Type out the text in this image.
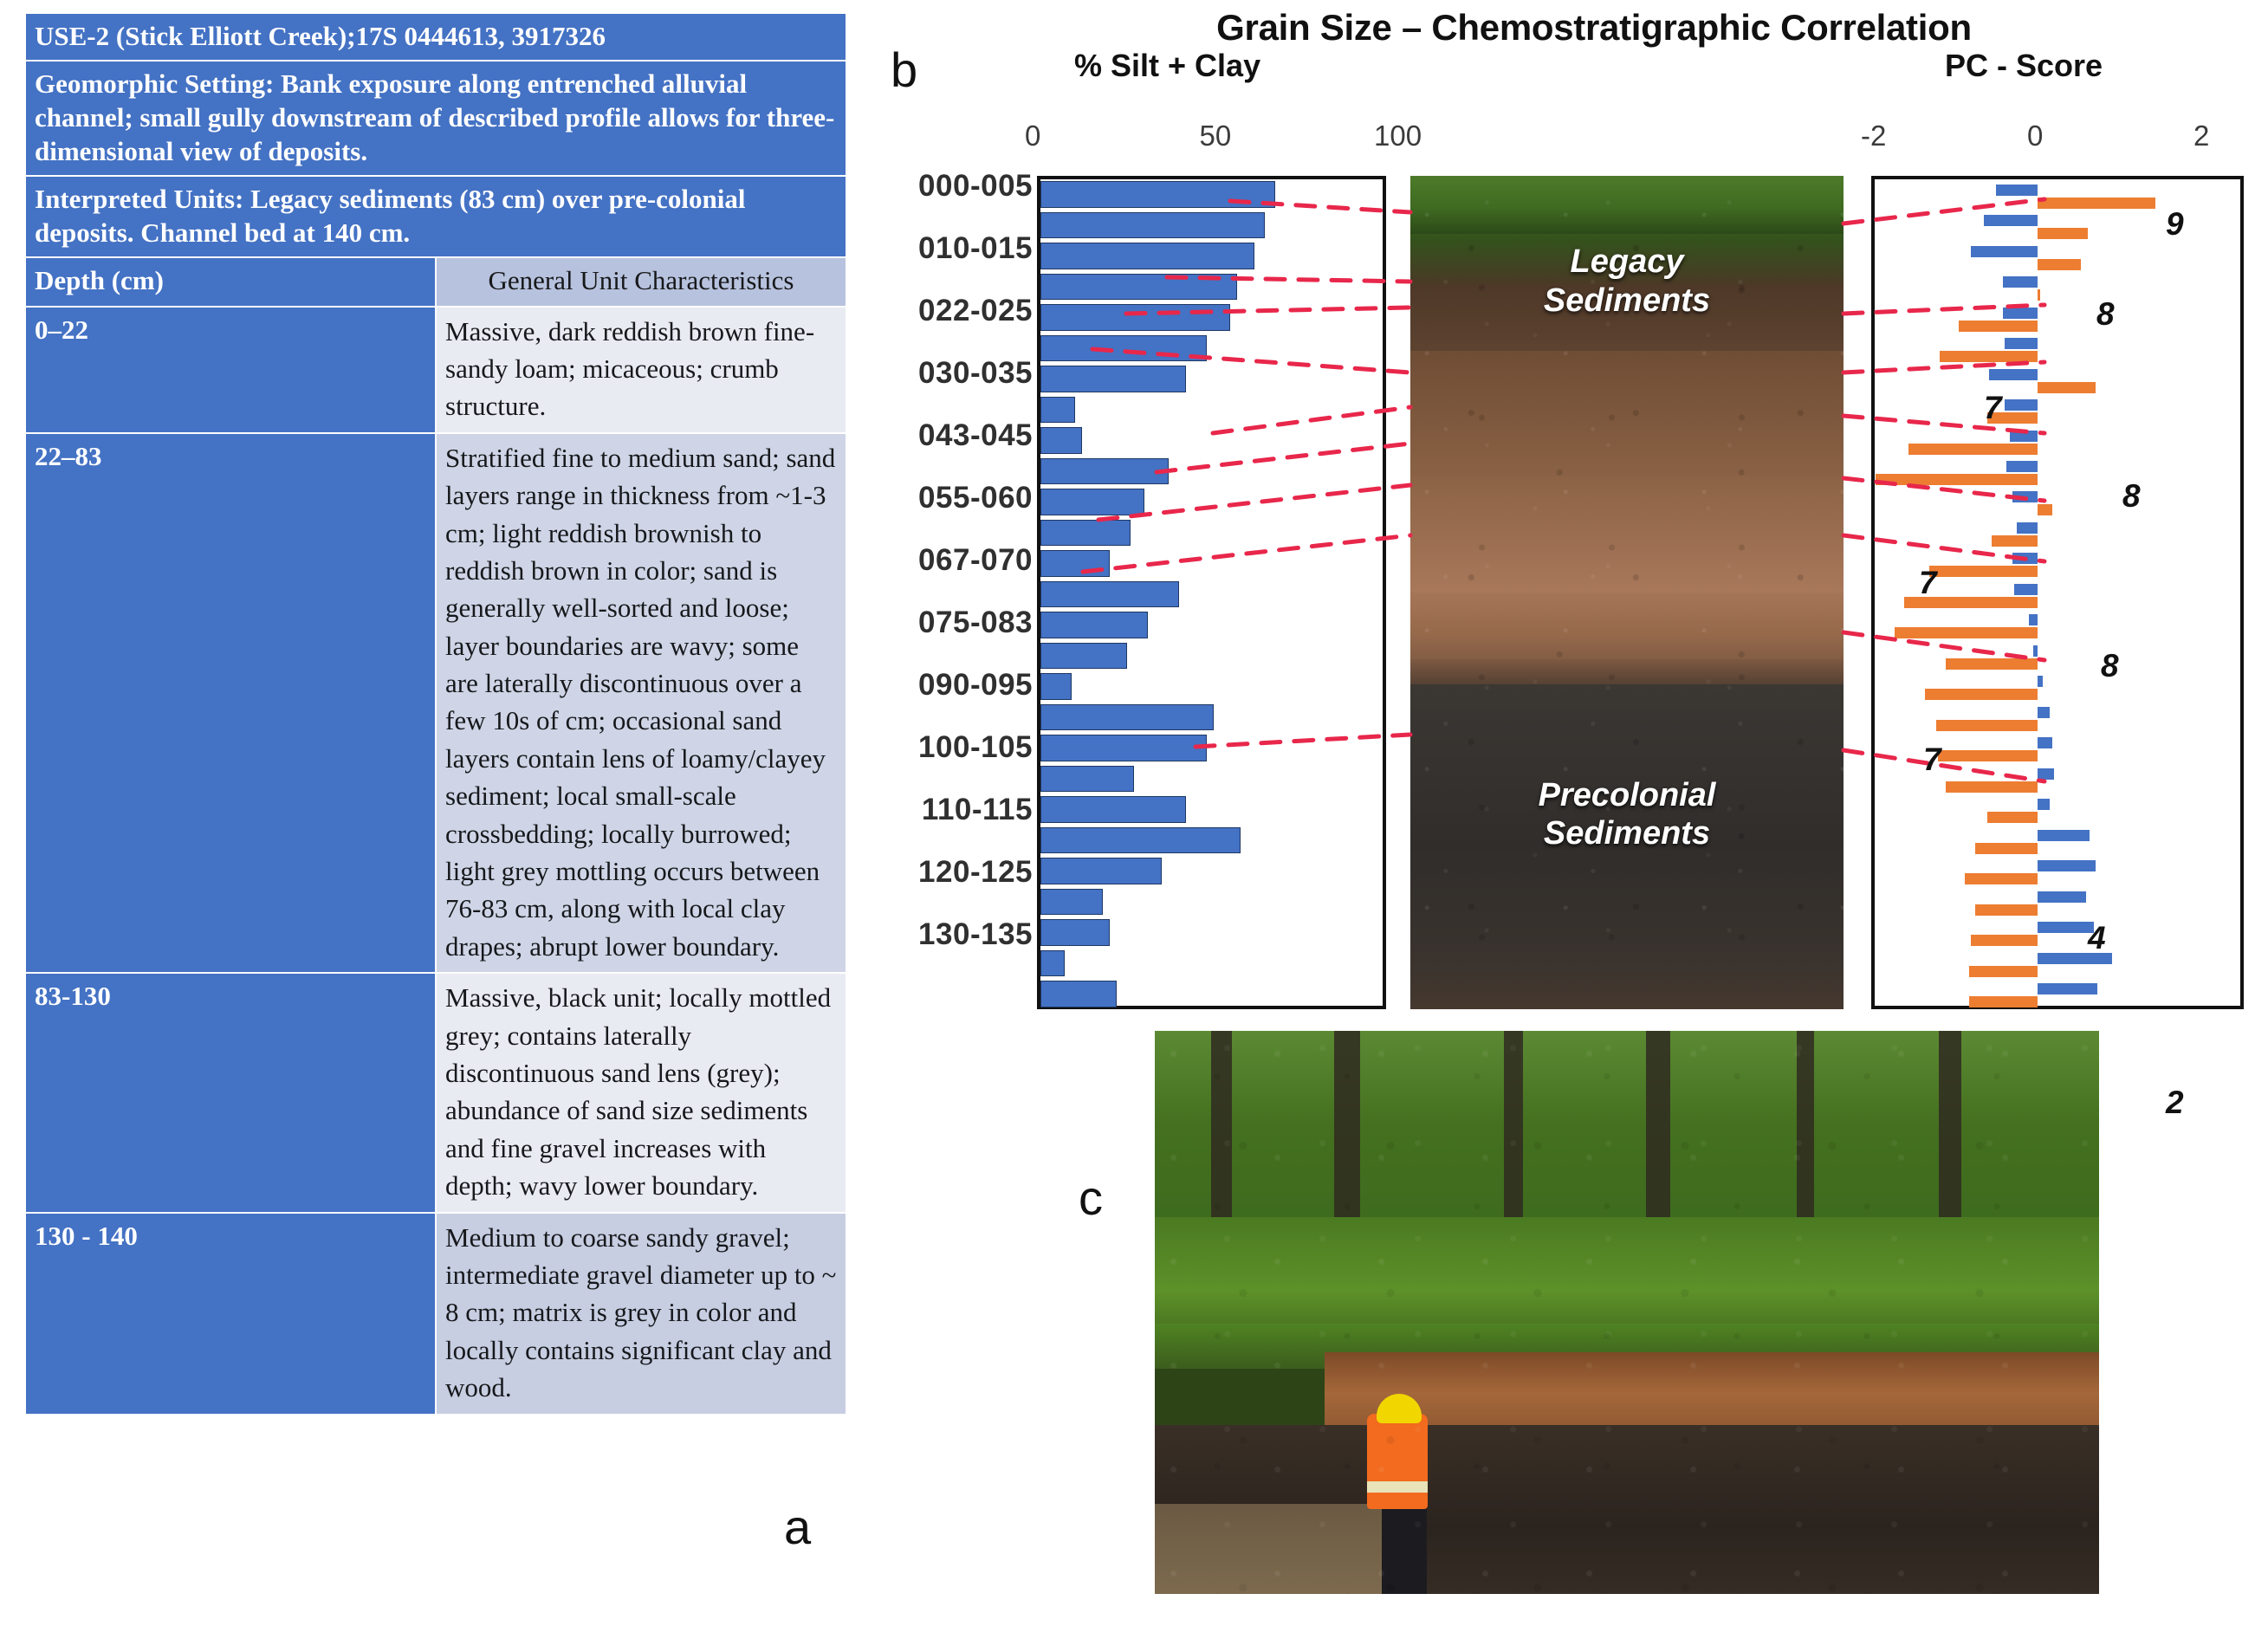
USE-2 (Stick Elliott Creek);17S 0444613, 3917326	
Geomorphic Setting: Bank exposure along entrenched alluvial channel; small gully downstream of described profile allows for three-dimensional view of deposits.	
Interpreted Units: Legacy sediments (83 cm) over pre-colonial deposits. Channel bed at 140 cm.	
Depth (cm)	General Unit Characteristics
0–22	Massive, dark reddish brown fine-sandy loam; micaceous; crumb structure.
22–83	Stratified fine to medium sand; sand layers range in thickness from ~1-3 cm; light reddish brownish to reddish brown in color; sand is generally well-sorted and loose; layer boundaries are wavy; some are laterally discontinuous over a few 10s of cm; occasional sand layers contain lens of loamy/clayey sediment; local small-scale crossbedding; locally burrowed; light grey mottling occurs between 76-83 cm, along with local clay drapes; abrupt lower boundary.
83-130	Massive, black unit; locally mottled grey; contains laterally discontinuous sand lens (grey); abundance of sand size sediments and fine gravel increases with depth; wavy lower boundary.
130 - 140	Medium to coarse sandy gravel; intermediate gravel diameter up to ~ 8 cm; matrix is grey in color and locally contains significant clay and wood.
a
Grain Size – Chemostratigraphic Correlation
b	% Silt + Clay	PC - Score
0	50	100	-2	0	2
000-005
010-015
022-025
030-035
043-045
055-060
067-070
075-083
090-095
100-105
110-115
120-125
130-135
Legacy
Sediments
Precolonial
Sediments
c
9
8
7
8
7
8
7
4
2
